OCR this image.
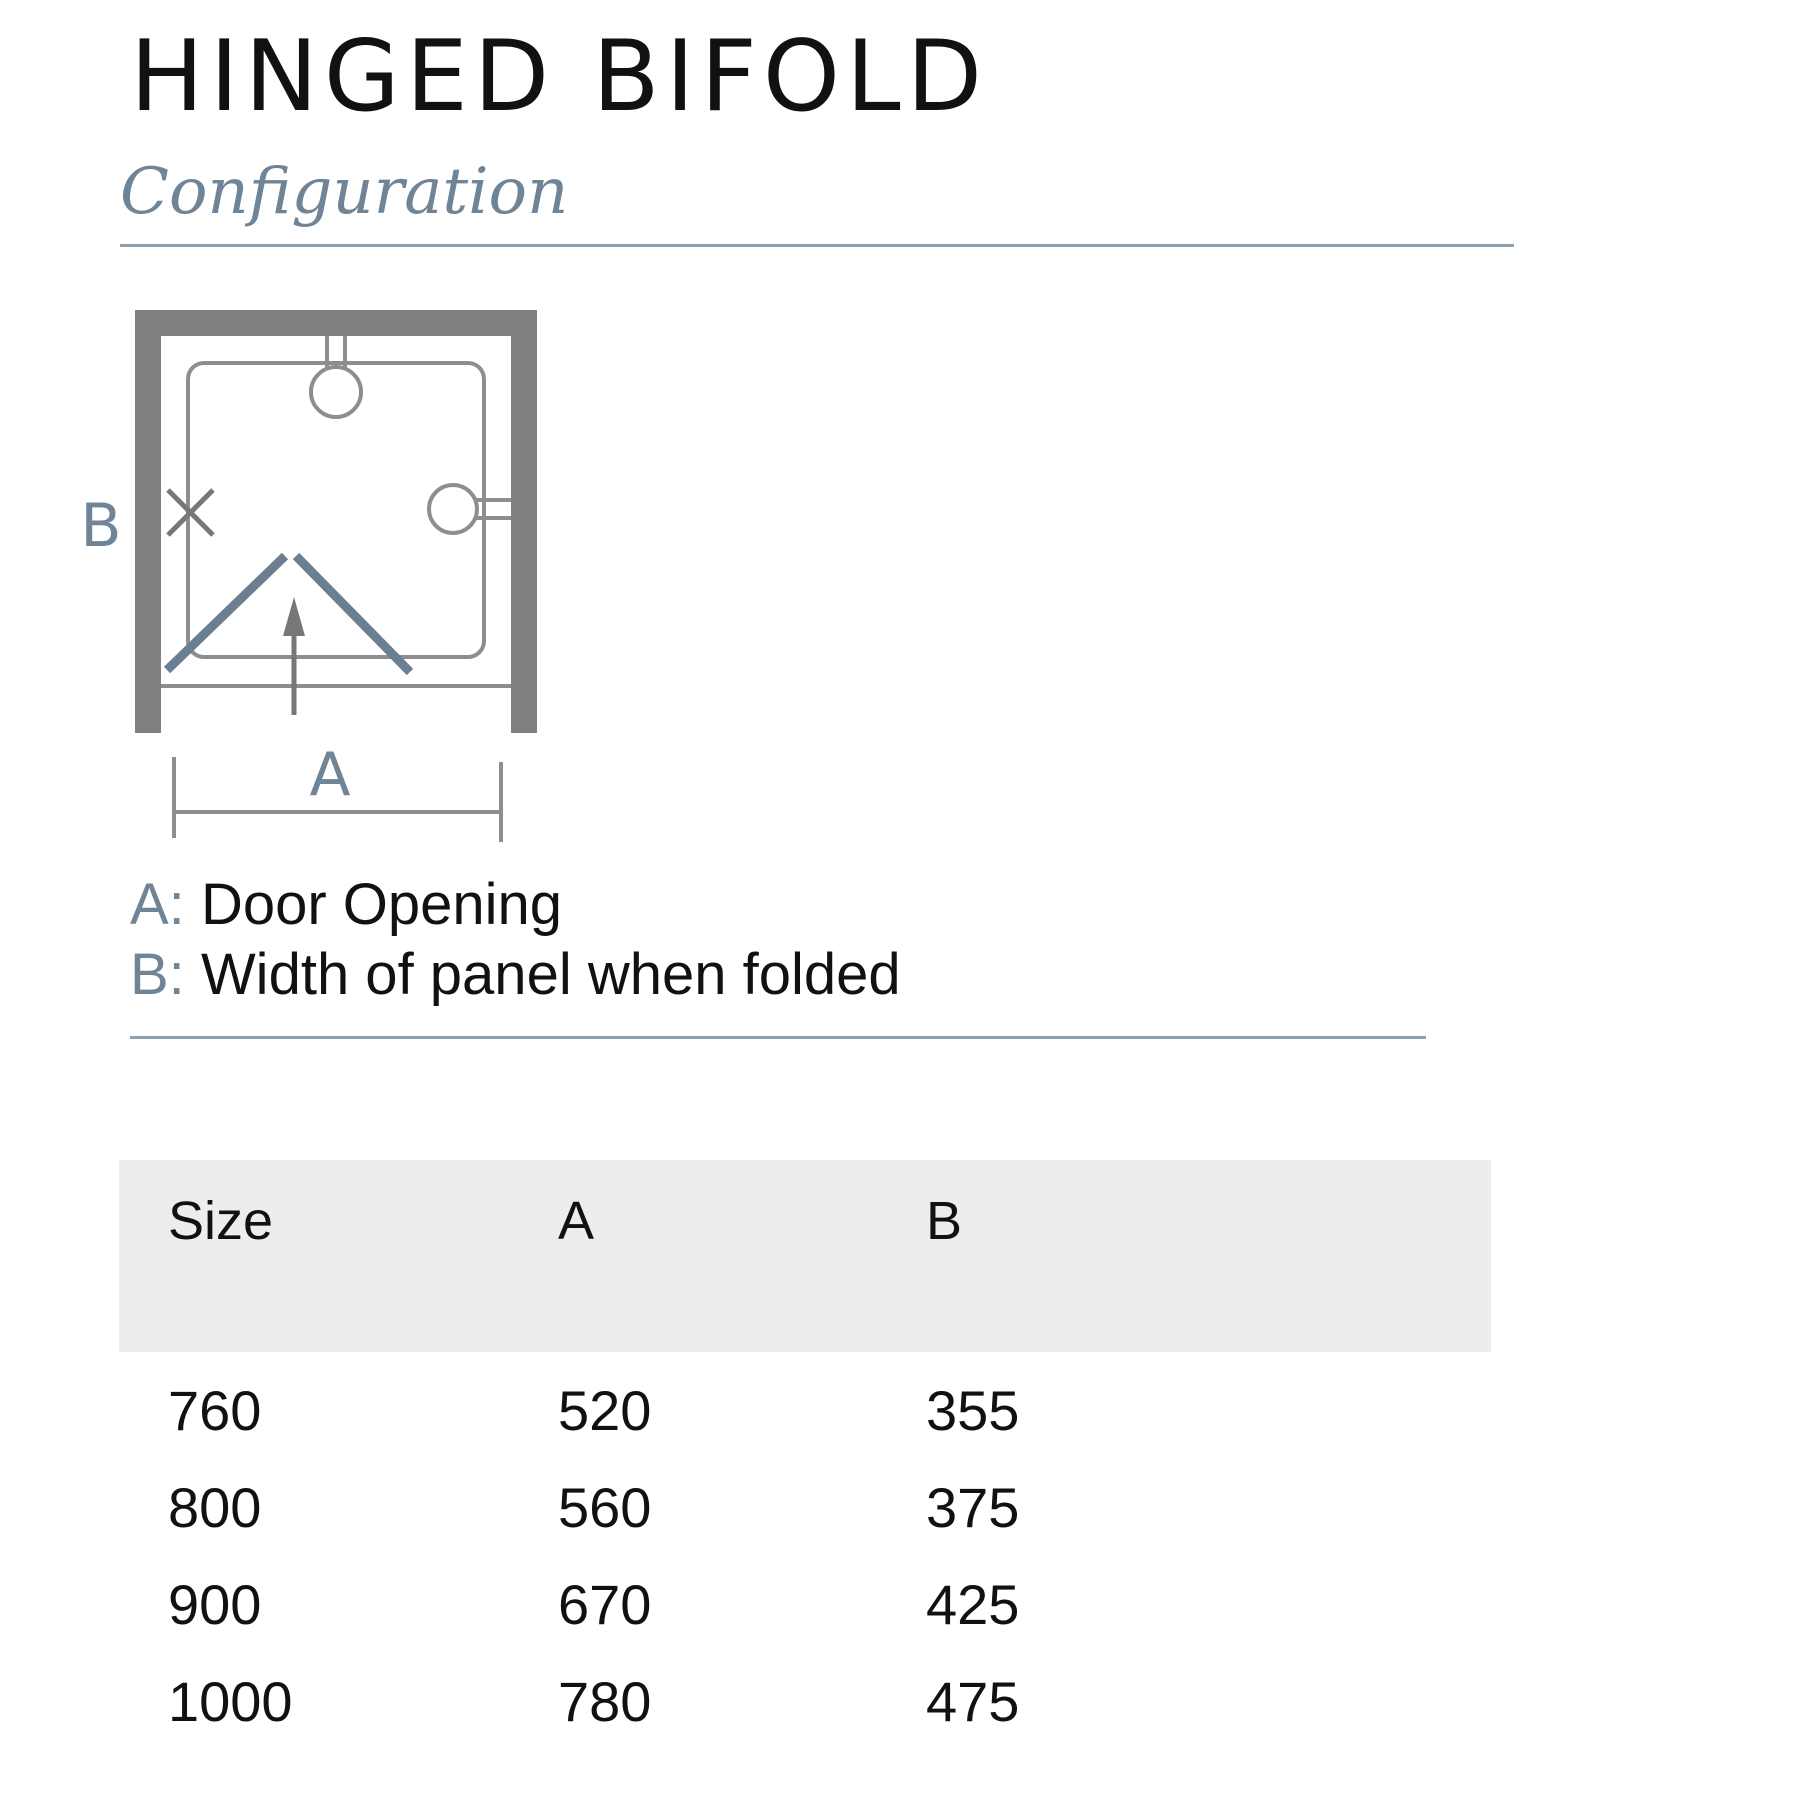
HINGED BIFOLD
Configuration
A
B
A: Door Opening
B: Width of panel when folded
Size	A	B
760	520	355
800	560	375
900	670	425
1000	780	475
